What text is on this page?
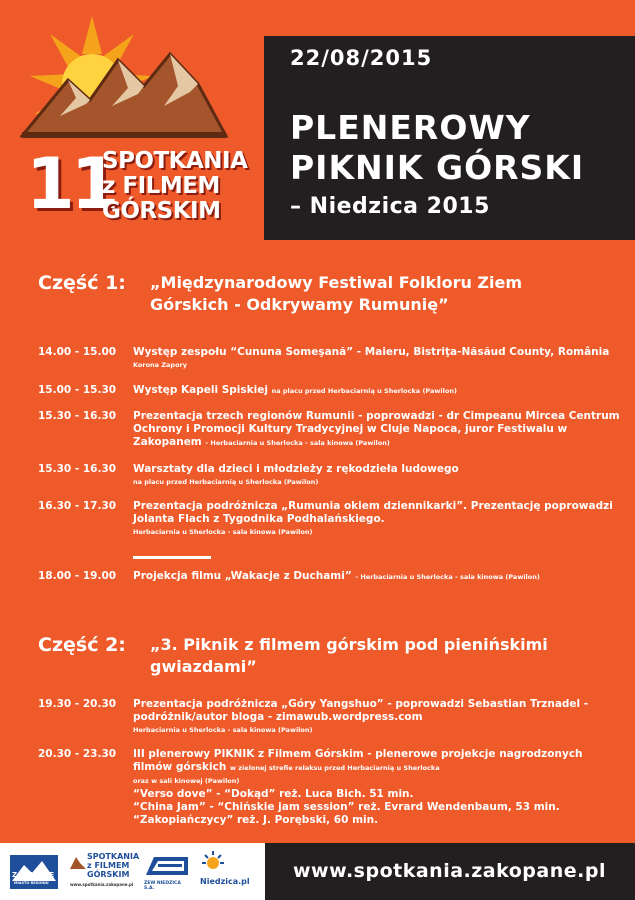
11
SPOTKANIA
z FILMEM
GÓRSKIM
22/08/2015
PLENEROWY
PIKNIK GÓRSKI
– Niedzica 2015
Część 1: „Międzynarodowy Festiwal Folkloru Ziem Górskich - Odkrywamy Rumunię”
14.00 - 15.00 Występ zespołu “Cununa Someşană” - Maieru, Bistriţa-Năsăud County, România
Korona Zapory
15.00 - 15.30 Występ Kapeli Spiskiej na placu przed Herbaciarnią u Sherlocka (Pawilon)
15.30 - 16.30 Prezentacja trzech regionów Rumunii - poprowadzi - dr Cimpeanu Mircea Centrum Ochrony i Promocji Kultury Tradycyjnej w Cluje Napoca, juror Festiwalu w Zakopanem - Herbaciarnia u Sherlocka - sala kinowa (Pawilon)
15.30 - 16.30 Warsztaty dla dzieci i młodzieży z rękodzieła ludowego
na placu przed Herbaciarnią u Sherlocka (Pawilon)
16.30 - 17.30 Prezentacja podróżnicza „Rumunia okiem dziennikarki”. Prezentację poprowadzi Jolanta Flach z Tygodnika Podhalańskiego.
Herbaciarnia u Sherlocka - sala kinowa (Pawilon)
18.00 - 19.00 Projekcja filmu „Wakacje z Duchami” - Herbaciarnia u Sherlocka - sala kinowa (Pawilon)
Część 2: „3. Piknik z filmem górskim pod pienińskimi gwiazdami”
19.30 - 20.30 Prezentacja podróżnicza „Góry Yangshuo” - poprowadzi Sebastian Trznadel - podróżnik/autor bloga - zimawub.wordpress.com
Herbaciarnia u Sherlocka - sala kinowa (Pawilon)
20.30 - 23.30 III plenerowy PIKNIK z Filmem Górskim - plenerowe projekcje nagrodzonych filmów górskich w zielonej strefie relaksu przed Herbaciarnią u Sherlocka
oraz w sali kinowej (Pawilon)
“Verso dove” - “Dokąd” reż. Luca Bich. 51 min.
“China Jam” - “Chińskie jam session” reż. Evrard Wendenbaum, 53 min.
“Zakopiańczycy” reż. J. Porębski, 60 min.
ZAKOPANE
MIASTO REGIONU
SPOTKANIA
z FILMEM
GÓRSKIM
www.spotkania.zakopane.pl ZEW NIEDZICA S.A.
Niedzica.pl www.spotkania.zakopane.pl
